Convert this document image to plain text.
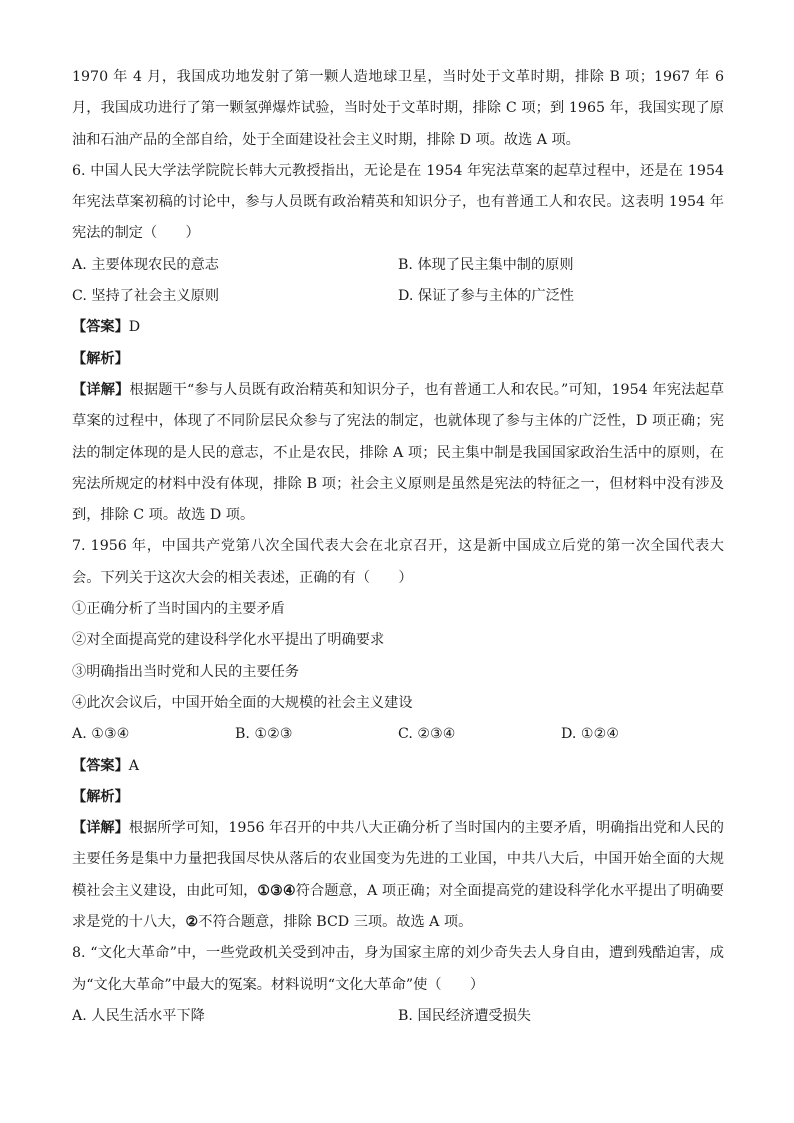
1970 年 4 月，我国成功地发射了第一颗人造地球卫星，当时处于文革时期，排除 B 项；1967 年 6 月，我国成功进行了第一颗氢弹爆炸试验，当时处于文革时期，排除 C 项；到 1965 年，我国实现了原油和石油产品的全部自给，处于全面建设社会主义时期，排除 D 项。故选 A 项。

6. 中国人民大学法学院院长韩大元教授指出，无论是在 1954 年宪法草案的起草过程中，还是在 1954 年宪法草案初稿的讨论中，参与人员既有政治精英和知识分子，也有普通工人和农民。这表明 1954 年宪法的制定（　　）

A. 主要体现农民的意志	B. 体现了民主集中制的原则
C. 坚持了社会主义原则	D. 保证了参与主体的广泛性

【答案】D

【解析】

【详解】根据题干“参与人员既有政治精英和知识分子，也有普通工人和农民。”可知，1954 年宪法起草草案的过程中，体现了不同阶层民众参与了宪法的制定，也就体现了参与主体的广泛性，D 项正确；宪法的制定体现的是人民的意志，不止是农民，排除 A 项；民主集中制是我国国家政治生活中的原则，在宪法所规定的材料中没有体现，排除 B 项；社会主义原则是虽然是宪法的特征之一，但材料中没有涉及到，排除 C 项。故选 D 项。

7. 1956 年，中国共产党第八次全国代表大会在北京召开，这是新中国成立后党的第一次全国代表大会。下列关于这次大会的相关表述，正确的有（　　）

①正确分析了当时国内的主要矛盾

②对全面提高党的建设科学化水平提出了明确要求

③明确指出当时党和人民的主要任务

④此次会议后，中国开始全面的大规模的社会主义建设

A. ①③④	B. ①②③	C. ②③④	D. ①②④

【答案】A

【解析】

【详解】根据所学可知，1956 年召开的中共八大正确分析了当时国内的主要矛盾，明确指出党和人民的主要任务是集中力量把我国尽快从落后的农业国变为先进的工业国，中共八大后，中国开始全面的大规模社会主义建设，由此可知，①③④符合题意，A 项正确；对全面提高党的建设科学化水平提出了明确要求是党的十八大，②不符合题意，排除 BCD 三项。故选 A 项。

8. “文化大革命”中，一些党政机关受到冲击，身为国家主席的刘少奇失去人身自由，遭到残酷迫害，成为“文化大革命”中最大的冤案。材料说明“文化大革命”使（　　）

A. 人民生活水平下降	B. 国民经济遭受损失
